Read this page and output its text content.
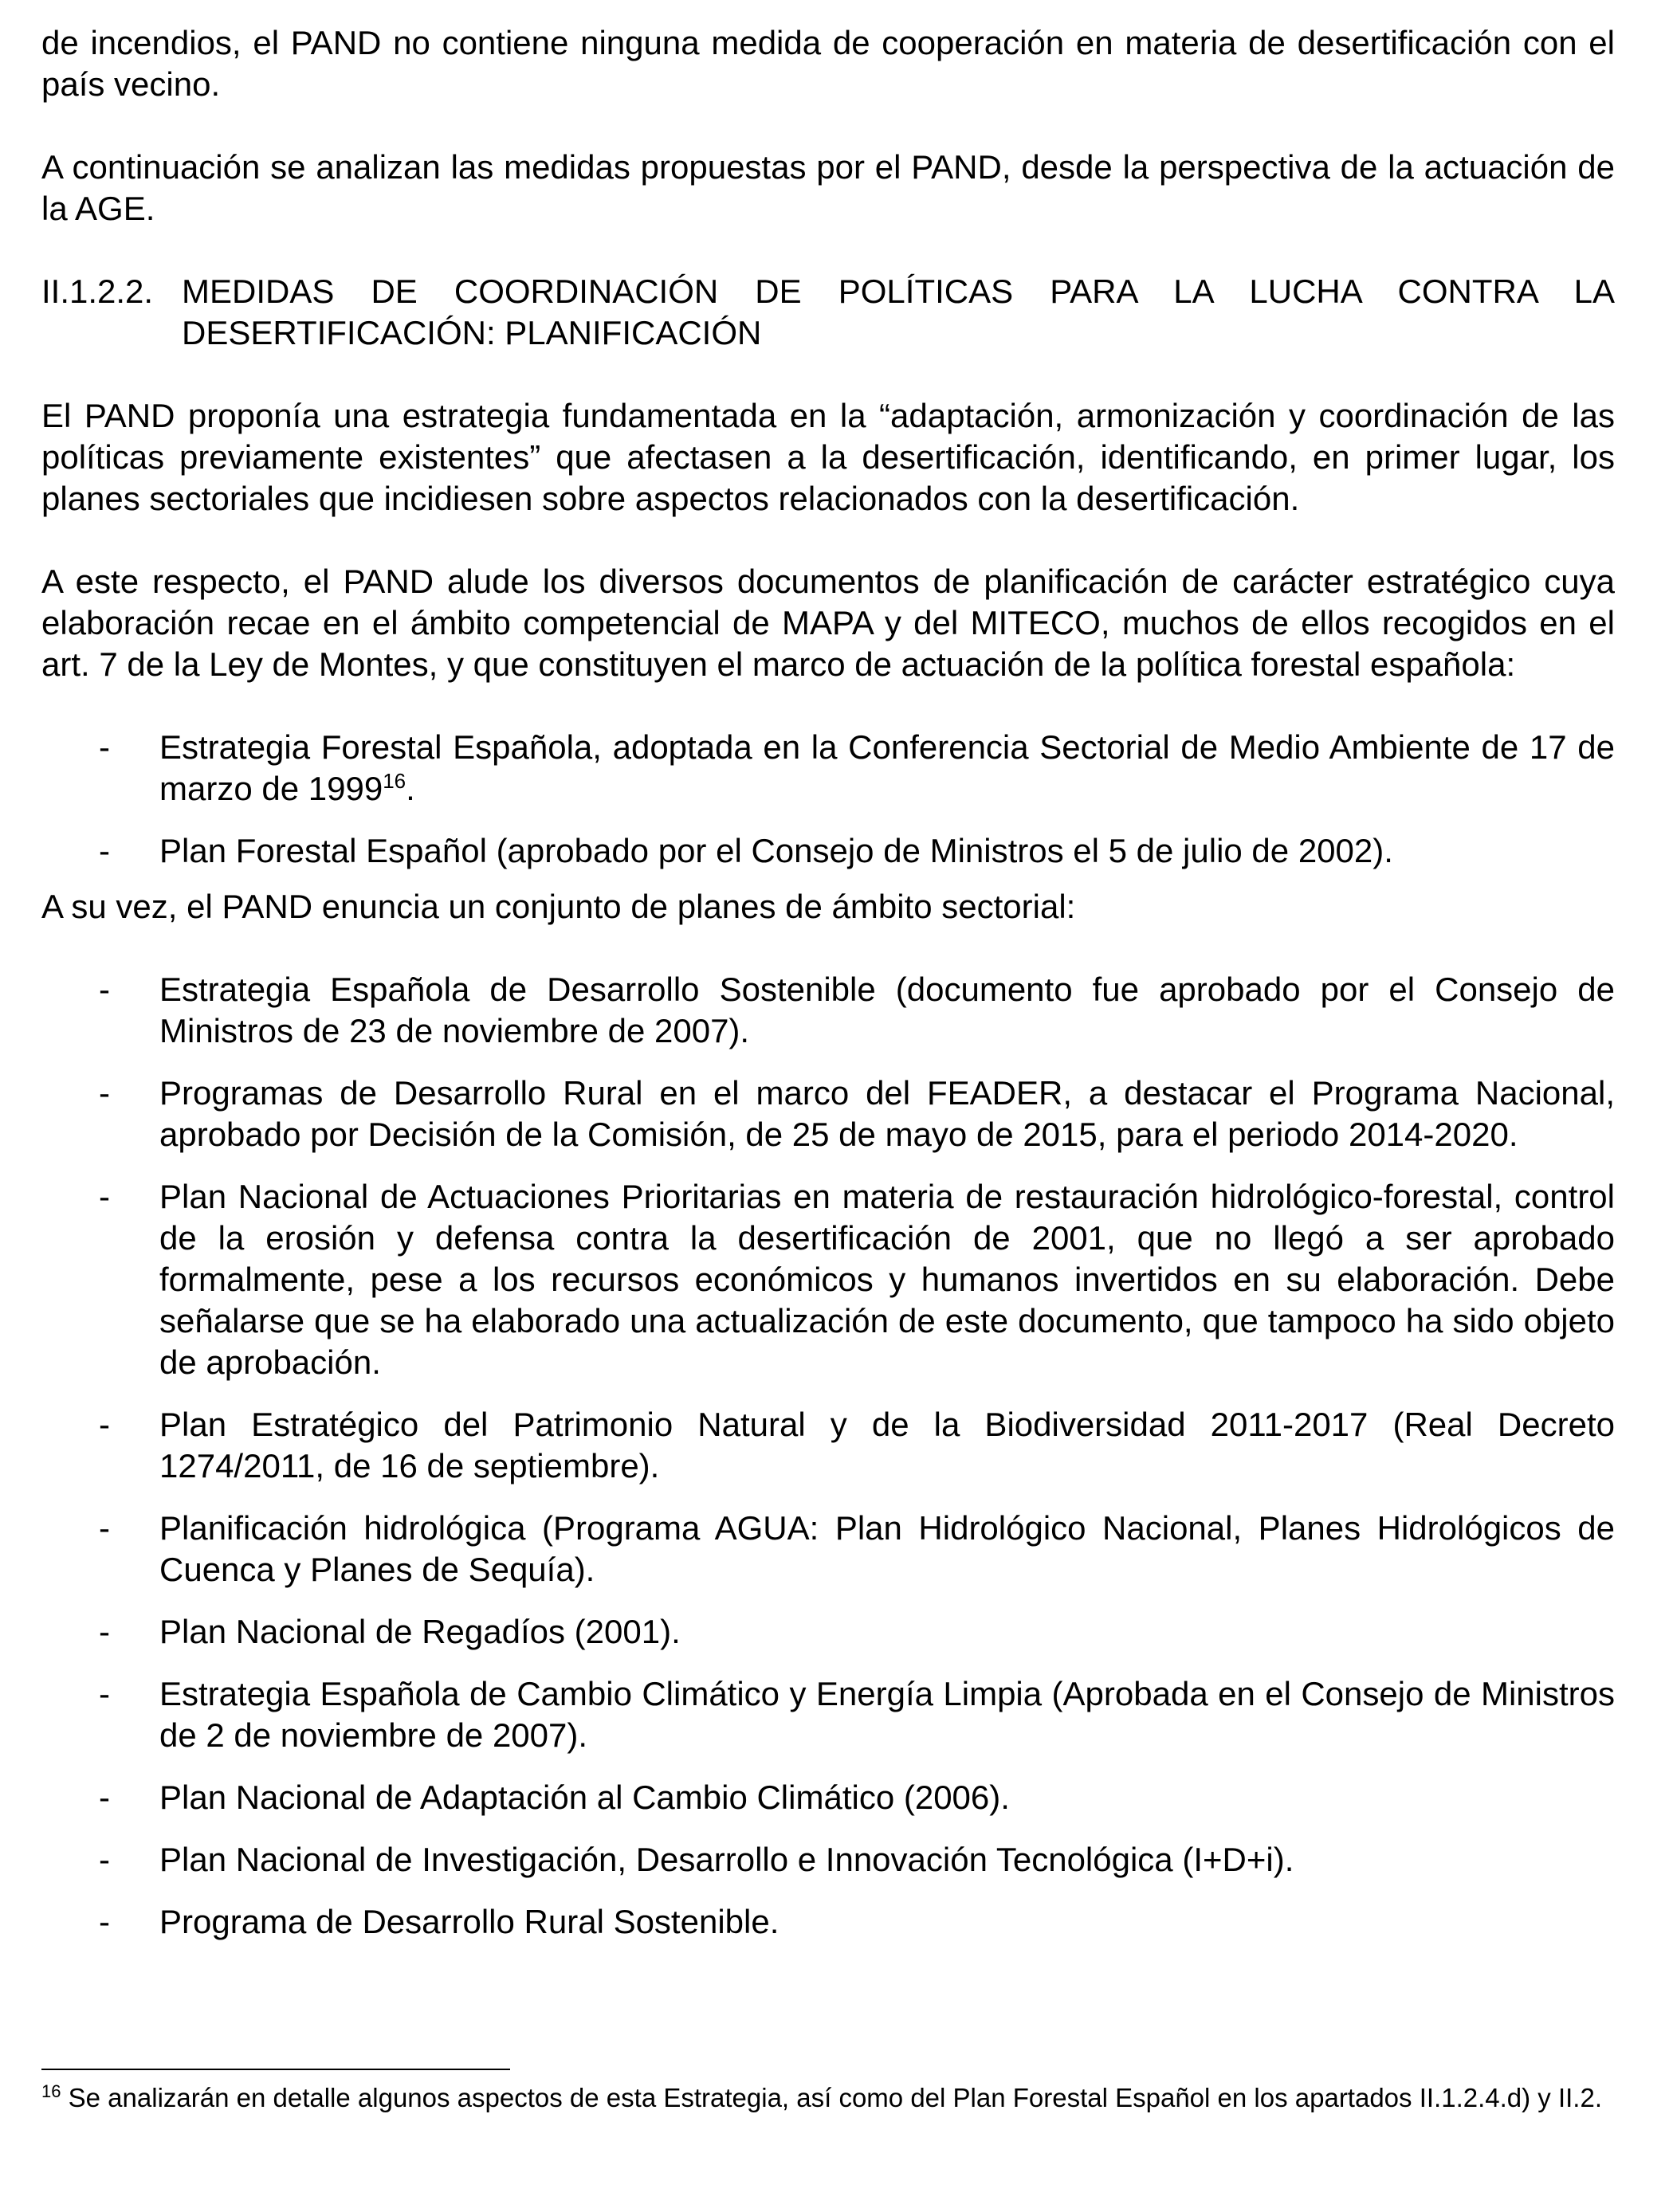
de incendios, el PAND no contiene ninguna medida de cooperación en materia de desertificación con el país vecino.

A continuación se analizan las medidas propuestas por el PAND, desde la perspectiva de la actuación de la AGE.

II.1.2.2. MEDIDAS DE COORDINACIÓN DE POLÍTICAS PARA LA LUCHA CONTRA LA
DESERTIFICACIÓN: PLANIFICACIÓN

El PAND proponía una estrategia fundamentada en la “adaptación, armonización y coordinación de las políticas previamente existentes” que afectasen a la desertificación, identificando, en primer lugar, los planes sectoriales que incidiesen sobre aspectos relacionados con la desertificación.

A este respecto, el PAND alude los diversos documentos de planificación de carácter estratégico cuya elaboración recae en el ámbito competencial de MAPA y del MITECO, muchos de ellos recogidos en el art. 7 de la Ley de Montes, y que constituyen el marco de actuación de la política forestal española:

-	Estrategia Forestal Española, adoptada en la Conferencia Sectorial de Medio Ambiente de 17 de marzo de 1999$^{16}$.
-	Plan Forestal Español (aprobado por el Consejo de Ministros el 5 de julio de 2002).

A su vez, el PAND enuncia un conjunto de planes de ámbito sectorial:

-	Estrategia Española de Desarrollo Sostenible (documento fue aprobado por el Consejo de Ministros de 23 de noviembre de 2007).
-	Programas de Desarrollo Rural en el marco del FEADER, a destacar el Programa Nacional, aprobado por Decisión de la Comisión, de 25 de mayo de 2015, para el periodo 2014-2020.
-	Plan Nacional de Actuaciones Prioritarias en materia de restauración hidrológico-forestal, control de la erosión y defensa contra la desertificación de 2001, que no llegó a ser aprobado formalmente, pese a los recursos económicos y humanos invertidos en su elaboración. Debe señalarse que se ha elaborado una actualización de este documento, que tampoco ha sido objeto de aprobación.
-	Plan Estratégico del Patrimonio Natural y de la Biodiversidad 2011-2017 (Real Decreto 1274/2011, de 16 de septiembre).
-	Planificación hidrológica (Programa AGUA: Plan Hidrológico Nacional, Planes Hidrológicos de Cuenca y Planes de Sequía).
-	Plan Nacional de Regadíos (2001).
-	Estrategia Española de Cambio Climático y Energía Limpia (Aprobada en el Consejo de Ministros de 2 de noviembre de 2007).
-	Plan Nacional de Adaptación al Cambio Climático (2006).
-	Plan Nacional de Investigación, Desarrollo e Innovación Tecnológica (I+D+i).
-	Programa de Desarrollo Rural Sostenible.
$^{16}$ Se analizarán en detalle algunos aspectos de esta Estrategia, así como del Plan Forestal Español en los apartados II.1.2.4.d) y II.2.
